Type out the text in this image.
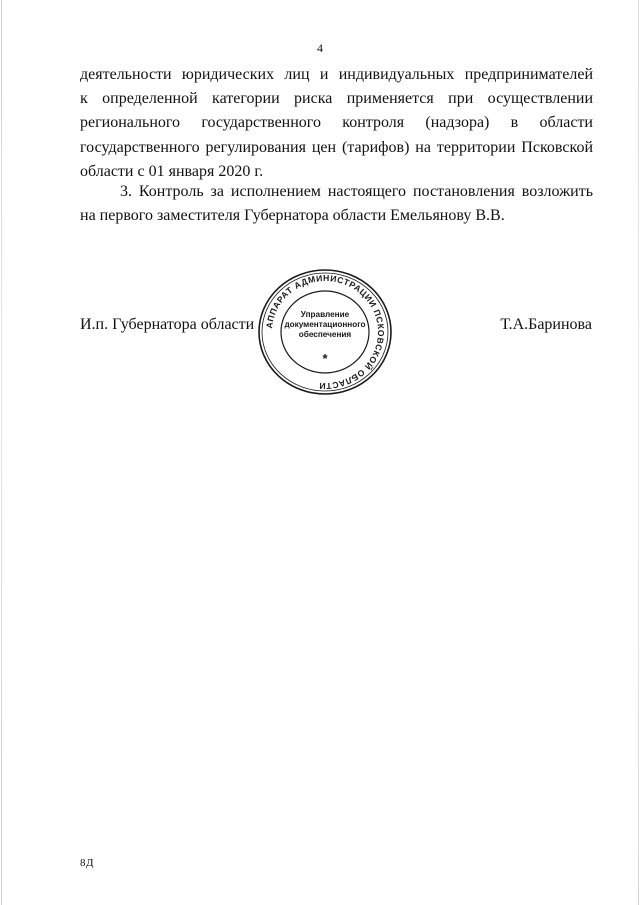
4
деятельности юридических лиц и индивидуальных предпринимателей
к определенной категории риска применяется при осуществлении
регионального государственного контроля (надзора) в области
государственного регулирования цен (тарифов) на территории Псковской
области с 01 января 2020 г.
3. Контроль за исполнением настоящего постановления возложить
на первого заместителя Губернатора области Емельянову В.В.
И.п. Губернатора области АППАРАТ АДМИНИСТРАЦИИ ПСКОВСКОЙ ОБЛАСТИ
Управление
документационного
обеспечения
*
Т.А.Баринова
8Д
